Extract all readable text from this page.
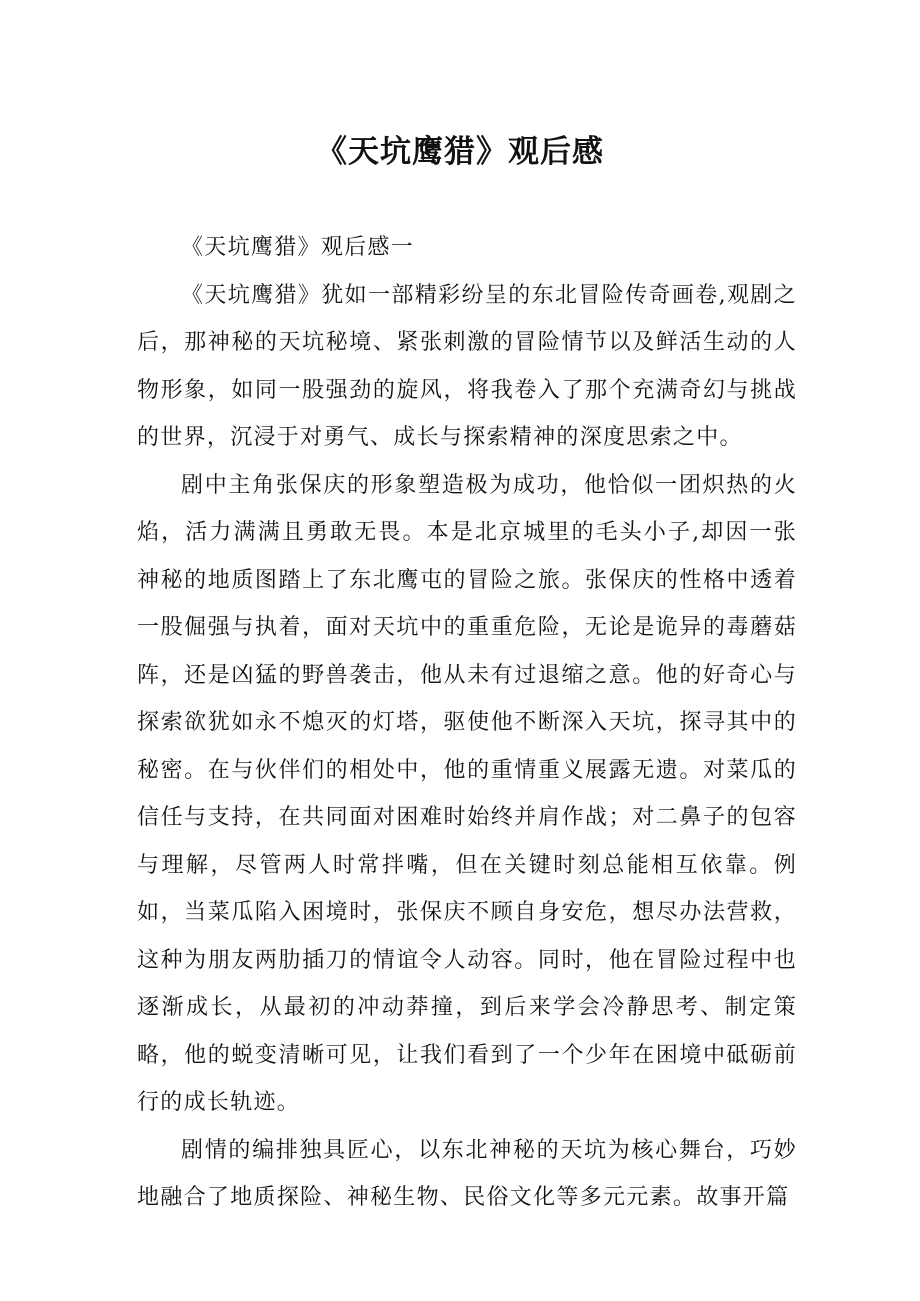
《天坑鹰猎》观后感

《天坑鹰猎》观后感一

《天坑鹰猎》犹如一部精彩纷呈的东北冒险传奇画卷,观剧之后，那神秘的天坑秘境、紧张刺激的冒险情节以及鲜活生动的人物形象，如同一股强劲的旋风，将我卷入了那个充满奇幻与挑战的世界，沉浸于对勇气、成长与探索精神的深度思索之中。

剧中主角张保庆的形象塑造极为成功，他恰似一团炽热的火焰，活力满满且勇敢无畏。本是北京城里的毛头小子,却因一张神秘的地质图踏上了东北鹰屯的冒险之旅。张保庆的性格中透着一股倔强与执着，面对天坑中的重重危险，无论是诡异的毒蘑菇阵，还是凶猛的野兽袭击，他从未有过退缩之意。他的好奇心与探索欲犹如永不熄灭的灯塔，驱使他不断深入天坑，探寻其中的秘密。在与伙伴们的相处中，他的重情重义展露无遗。对菜瓜的信任与支持，在共同面对困难时始终并肩作战；对二鼻子的包容与理解，尽管两人时常拌嘴，但在关键时刻总能相互依靠。例如，当菜瓜陷入困境时，张保庆不顾自身安危，想尽办法营救，这种为朋友两肋插刀的情谊令人动容。同时，他在冒险过程中也逐渐成长，从最初的冲动莽撞，到后来学会冷静思考、制定策略，他的蜕变清晰可见，让我们看到了一个少年在困境中砥砺前行的成长轨迹。

剧情的编排独具匠心，以东北神秘的天坑为核心舞台，巧妙地融合了地质探险、神秘生物、民俗文化等多元元素。故事开篇
